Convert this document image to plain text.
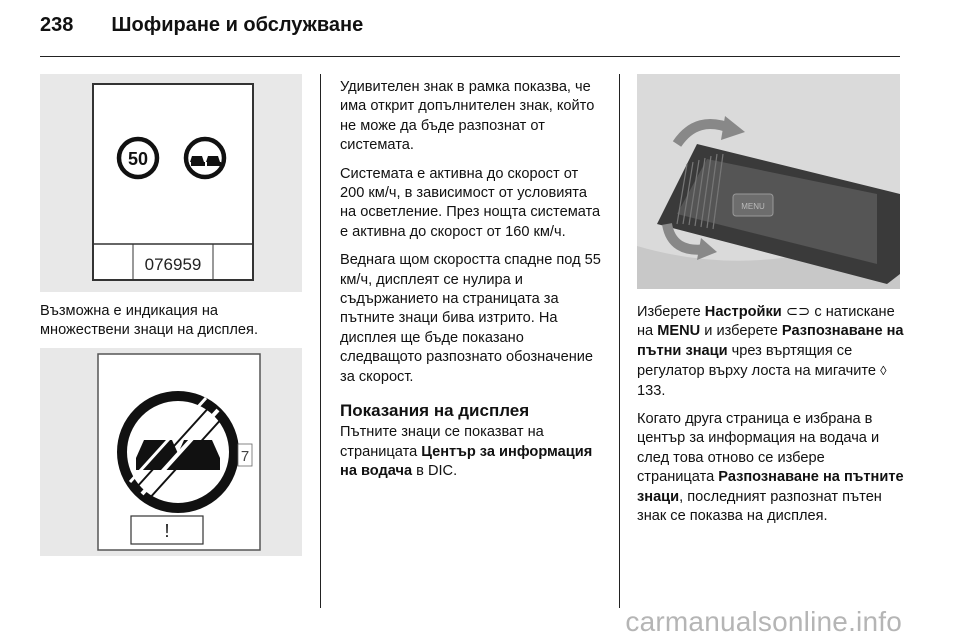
238 Шофиране и обслужване
50
076959
Възможна е индикация на множествени знаци на дисплея.
!
7

Удивителен знак в рамка показва, че има открит допълнителен знак, който не може да бъде разпознат от системата.

Системата е активна до скорост от 200 км/ч, в зависимост от условията на осветление. През нощта системата е активна до скорост от 160 км/ч.

Веднага щом скоростта спадне под 55 км/ч, дисплеят се нулира и съдържанието на страницата за пътните знаци бива изтрито. На дисплея ще бъде показано следващото разпознато обозначение за скорост.

Показания на дисплея

Пътните знаци се показват на страницата Център за информация на водача в DIC.

MENU

Изберете Настройки ⊂⊃ с натискане на MENU и изберете Разпознаване на пътни знаци чрез въртящия се регулатор върху лоста на мигачите ◊ 133.

Когато друга страница е избрана в център за информация на водача и след това отново се избере страницата Разпознаване на пътните знаци, последният разпознат пътен знак се показва на дисплея.

carmanualsonline.info
